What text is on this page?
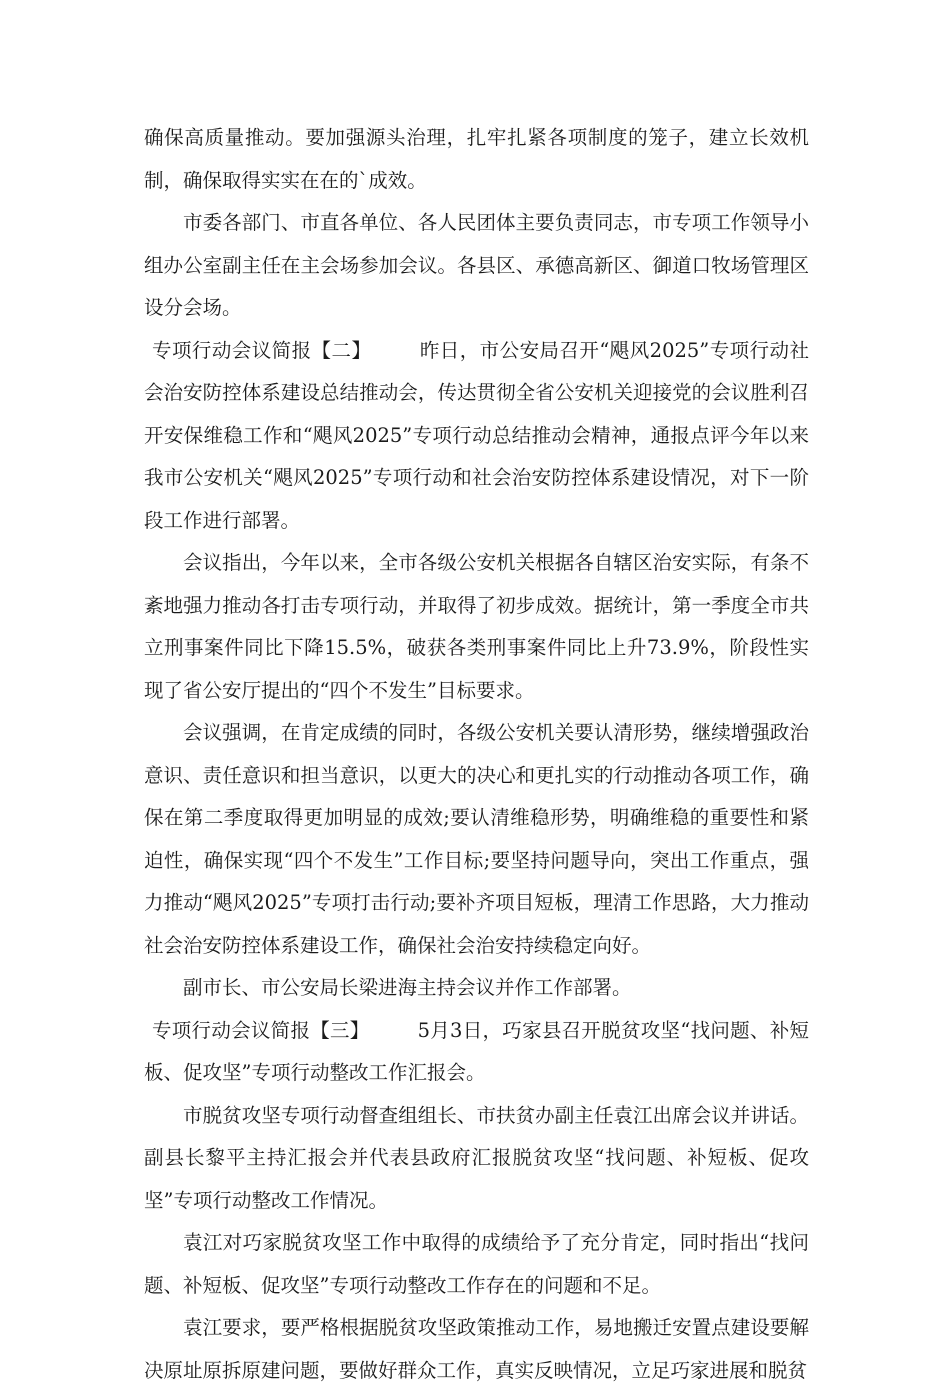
确保高质量推动。要加强源头治理，扎牢扎紧各项制度的笼子，建立长效机制，确保取得实实在在的`成效。

市委各部门、市直各单位、各人民团体主要负责同志，市专项工作领导小组办公室副主任在主会场参加会议。各县区、承德高新区、御道口牧场管理区设分会场。

专项行动会议简报【二】 昨日，市公安局召开“飓风2025”专项行动社会治安防控体系建设总结推动会，传达贯彻全省公安机关迎接党的会议胜利召开安保维稳工作和“飓风2025”专项行动总结推动会精神，通报点评今年以来我市公安机关“飓风2025”专项行动和社会治安防控体系建设情况，对下一阶段工作进行部署。

会议指出，今年以来，全市各级公安机关根据各自辖区治安实际，有条不紊地强力推动各打击专项行动，并取得了初步成效。据统计，第一季度全市共立刑事案件同比下降15.5%，破获各类刑事案件同比上升73.9%，阶段性实现了省公安厅提出的“四个不发生”目标要求。

会议强调，在肯定成绩的同时，各级公安机关要认清形势，继续增强政治意识、责任意识和担当意识，以更大的决心和更扎实的行动推动各项工作，确保在第二季度取得更加明显的成效;要认清维稳形势，明确维稳的重要性和紧迫性，确保实现“四个不发生”工作目标;要坚持问题导向，突出工作重点，强力推动“飓风2025”专项打击行动;要补齐项目短板，理清工作思路，大力推动社会治安防控体系建设工作，确保社会治安持续稳定向好。

副市长、市公安局长梁进海主持会议并作工作部署。

专项行动会议简报【三】 5月3日，巧家县召开脱贫攻坚“找问题、补短板、促攻坚”专项行动整改工作汇报会。

市脱贫攻坚专项行动督查组组长、市扶贫办副主任袁江出席会议并讲话。副县长黎平主持汇报会并代表县政府汇报脱贫攻坚“找问题、补短板、促攻坚”专项行动整改工作情况。

袁江对巧家脱贫攻坚工作中取得的成绩给予了充分肯定，同时指出“找问题、补短板、促攻坚”专项行动整改工作存在的问题和不足。

袁江要求，要严格根据脱贫攻坚政策推动工作，易地搬迁安置点建设要解决原址原拆原建问题，要做好群众工作，真实反映情况，立足巧家进展和脱贫
